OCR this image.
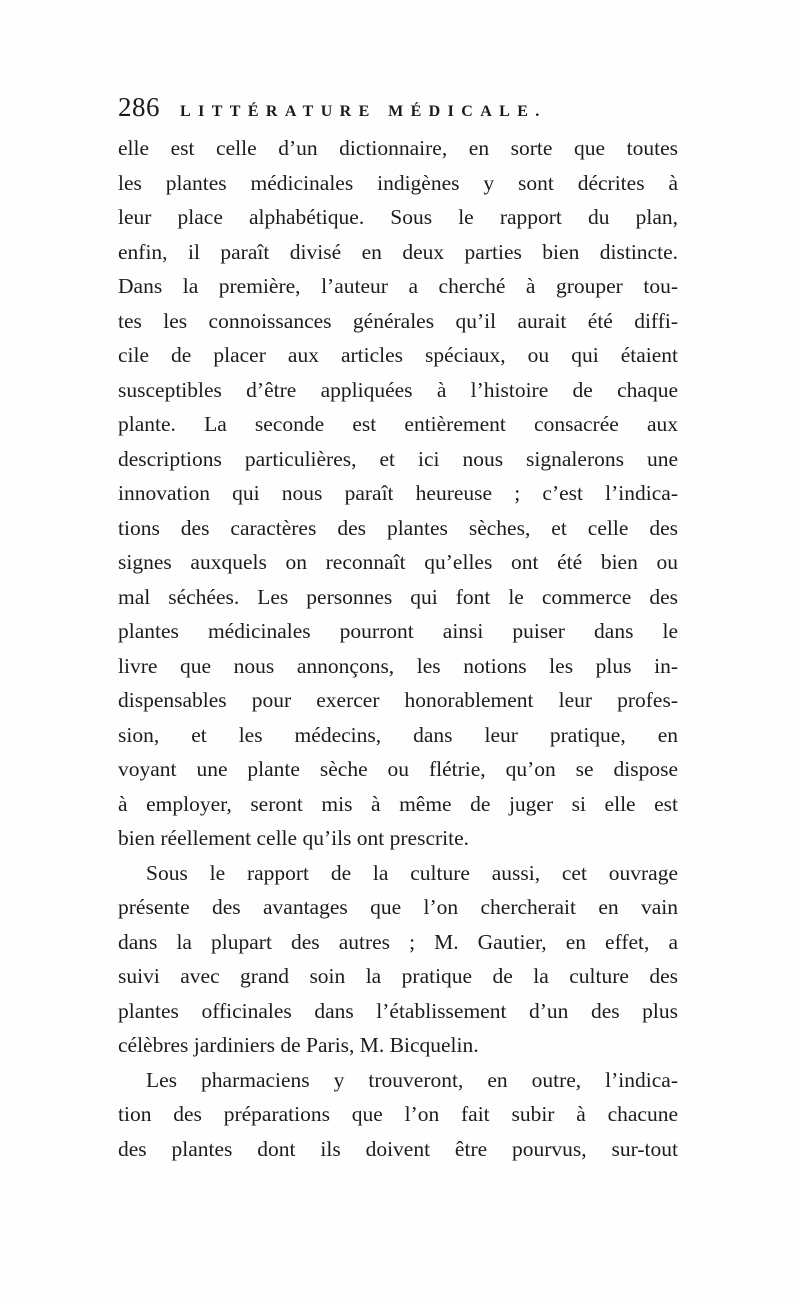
286 LITTÉRATURE MÉDICALE.
elle est celle d’un dictionnaire, en sorte que toutes
les plantes médicinales indigènes y sont décrites à
leur place alphabétique. Sous le rapport du plan,
enfin, il paraît divisé en deux parties bien distincte.
Dans la première, l’auteur a cherché à grouper tou-
tes les connoissances générales qu’il aurait été diffi-
cile de placer aux articles spéciaux, ou qui étaient
susceptibles d’être appliquées à l’histoire de chaque
plante. La seconde est entièrement consacrée aux
descriptions particulières, et ici nous signalerons une
innovation qui nous paraît heureuse ; c’est l’indica-
tions des caractères des plantes sèches, et celle des
signes auxquels on reconnaît qu’elles ont été bien ou
mal séchées. Les personnes qui font le commerce des
plantes médicinales pourront ainsi puiser dans le
livre que nous annonçons, les notions les plus in-
dispensables pour exercer honorablement leur profes-
sion, et les médecins, dans leur pratique, en
voyant une plante sèche ou flétrie, qu’on se dispose
à employer, seront mis à même de juger si elle est
bien réellement celle qu’ils ont prescrite.
Sous le rapport de la culture aussi, cet ouvrage
présente des avantages que l’on chercherait en vain
dans la plupart des autres ; M. Gautier, en effet, a
suivi avec grand soin la pratique de la culture des
plantes officinales dans l’établissement d’un des plus
célèbres jardiniers de Paris, M. Bicquelin.
Les pharmaciens y trouveront, en outre, l’indica-
tion des préparations que l’on fait subir à chacune
des plantes dont ils doivent être pourvus, sur-tout
